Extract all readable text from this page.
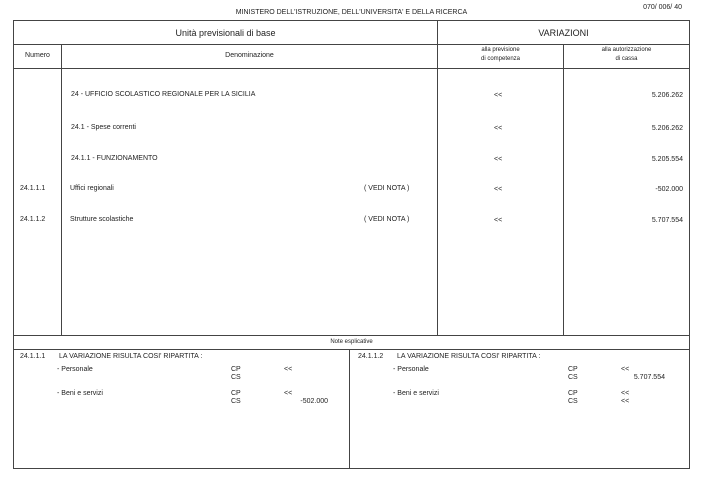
MINISTERO DELL'ISTRUZIONE, DELL'UNIVERSITA' E DELLA RICERCA
070/ 006/ 40
Unità previsionali di base	VARIAZIONI
Numero	Denominazione
alla previsione
di competenza
alla autorizzazione
di cassa
24 - UFFICIO SCOLASTICO REGIONALE PER LA SICILIA	<<	5.206.262
24.1 - Spese correnti	<<	5.206.262
24.1.1 - FUNZIONAMENTO	<<	5.205.554
24.1.1.1	Uffici regionali	( VEDI NOTA )	<<	-502.000
24.1.1.2	Strutture scolastiche	( VEDI NOTA )	<<	5.707.554
Note esplicative
24.1.1.1 LA VARIAZIONE RISULTA COSI' RIPARTITA :
- Personale	CP	<<
CS
- Beni e servizi	CP	<<
CS	-502.000
24.1.1.2 LA VARIAZIONE RISULTA COSI' RIPARTITA :
- Personale	CP	<<
CS	5.707.554
- Beni e servizi	CP	<<
CS	<<
